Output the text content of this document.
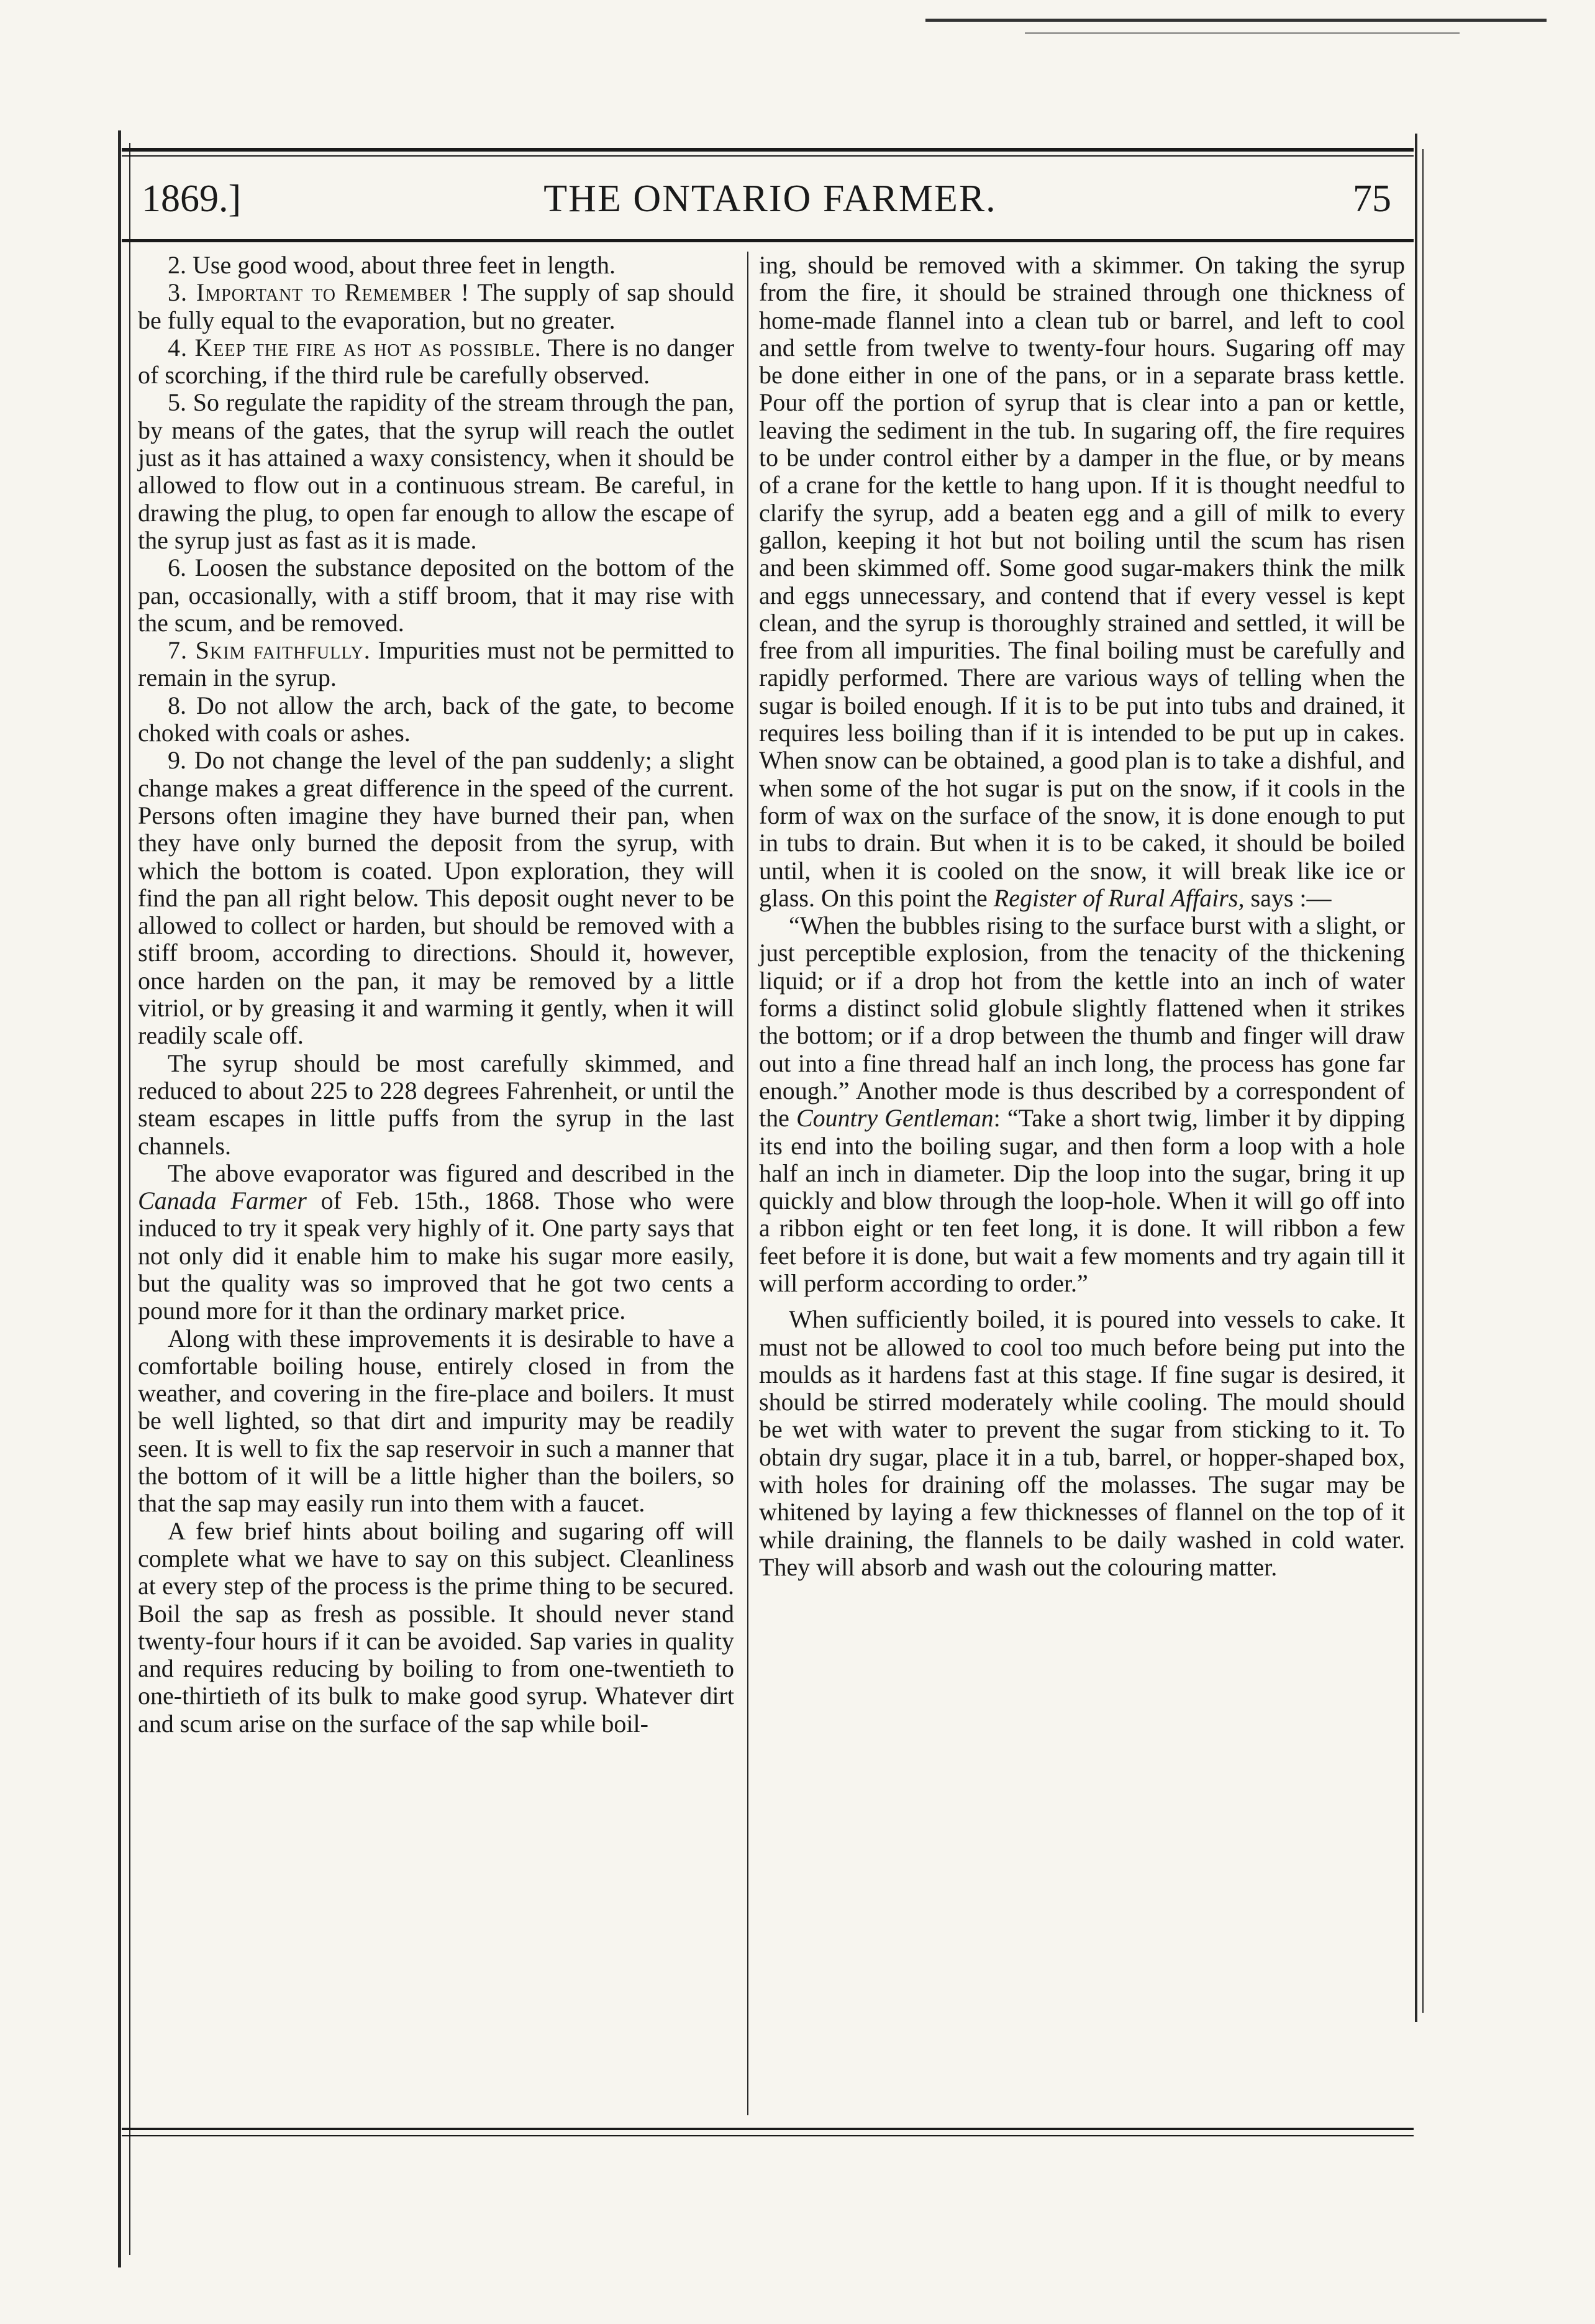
1869.]	THE ONTARIO FARMER.	75

2. Use good wood, about three feet in length.

3. Important to Remember ! The supply of sap should be fully equal to the evaporation, but no greater.

4. Keep the fire as hot as possible. There is no danger of scorching, if the third rule be carefully observed.

5. So regulate the rapidity of the stream through the pan, by means of the gates, that the syrup will reach the outlet just as it has attained a waxy consistency, when it should be allowed to flow out in a continuous stream. Be careful, in drawing the plug, to open far enough to allow the escape of the syrup just as fast as it is made.

6. Loosen the substance deposited on the bottom of the pan, occasionally, with a stiff broom, that it may rise with the scum, and be removed.

7. Skim faithfully. Impurities must not be permitted to remain in the syrup.

8. Do not allow the arch, back of the gate, to become choked with coals or ashes.

9. Do not change the level of the pan suddenly; a slight change makes a great difference in the speed of the current. Persons often imagine they have burned their pan, when they have only burned the deposit from the syrup, with which the bottom is coated. Upon exploration, they will find the pan all right below. This deposit ought never to be allowed to collect or harden, but should be removed with a stiff broom, according to directions. Should it, however, once harden on the pan, it may be removed by a little vitriol, or by greasing it and warming it gently, when it will readily scale off.

The syrup should be most carefully skimmed, and reduced to about 225 to 228 degrees Fahrenheit, or until the steam escapes in little puffs from the syrup in the last channels.

The above evaporator was figured and described in the Canada Farmer of Feb. 15th., 1868. Those who were induced to try it speak very highly of it. One party says that not only did it enable him to make his sugar more easily, but the quality was so improved that he got two cents a pound more for it than the ordinary market price.

Along with these improvements it is desirable to have a comfortable boiling house, entirely closed in from the weather, and covering in the fire-place and boilers. It must be well lighted, so that dirt and impurity may be readily seen. It is well to fix the sap reservoir in such a manner that the bottom of it will be a little higher than the boilers, so that the sap may easily run into them with a faucet.

A few brief hints about boiling and sugaring off will complete what we have to say on this subject. Cleanliness at every step of the process is the prime thing to be secured. Boil the sap as fresh as possible. It should never stand twenty-four hours if it can be avoided. Sap varies in quality and requires reducing by boiling to from one-twentieth to one-thirtieth of its bulk to make good syrup. Whatever dirt and scum arise on the surface of the sap while boil-

ing, should be removed with a skimmer. On taking the syrup from the fire, it should be strained through one thickness of home-made flannel into a clean tub or barrel, and left to cool and settle from twelve to twenty-four hours. Sugaring off may be done either in one of the pans, or in a separate brass kettle. Pour off the portion of syrup that is clear into a pan or kettle, leaving the sediment in the tub. In sugaring off, the fire requires to be under control either by a damper in the flue, or by means of a crane for the kettle to hang upon. If it is thought needful to clarify the syrup, add a beaten egg and a gill of milk to every gallon, keeping it hot but not boiling until the scum has risen and been skimmed off. Some good sugar-makers think the milk and eggs unnecessary, and contend that if every vessel is kept clean, and the syrup is thoroughly strained and settled, it will be free from all impurities. The final boiling must be carefully and rapidly performed. There are various ways of telling when the sugar is boiled enough. If it is to be put into tubs and drained, it requires less boiling than if it is intended to be put up in cakes. When snow can be obtained, a good plan is to take a dishful, and when some of the hot sugar is put on the snow, if it cools in the form of wax on the surface of the snow, it is done enough to put in tubs to drain. But when it is to be caked, it should be boiled until, when it is cooled on the snow, it will break like ice or glass. On this point the Register of Rural Affairs, says :—

“When the bubbles rising to the surface burst with a slight, or just perceptible explosion, from the tenacity of the thickening liquid; or if a drop hot from the kettle into an inch of water forms a distinct solid globule slightly flattened when it strikes the bottom; or if a drop between the thumb and finger will draw out into a fine thread half an inch long, the process has gone far enough.” Another mode is thus described by a correspondent of the Country Gentleman: “Take a short twig, limber it by dipping its end into the boiling sugar, and then form a loop with a hole half an inch in diameter. Dip the loop into the sugar, bring it up quickly and blow through the loop-hole. When it will go off into a ribbon eight or ten feet long, it is done. It will ribbon a few feet before it is done, but wait a few moments and try again till it will perform according to order.”

When sufficiently boiled, it is poured into vessels to cake. It must not be allowed to cool too much before being put into the moulds as it hardens fast at this stage. If fine sugar is desired, it should be stirred moderately while cooling. The mould should be wet with water to prevent the sugar from sticking to it. To obtain dry sugar, place it in a tub, barrel, or hopper-shaped box, with holes for draining off the molasses. The sugar may be whitened by laying a few thicknesses of flannel on the top of it while draining, the flannels to be daily washed in cold water. They will absorb and wash out the colouring matter.
